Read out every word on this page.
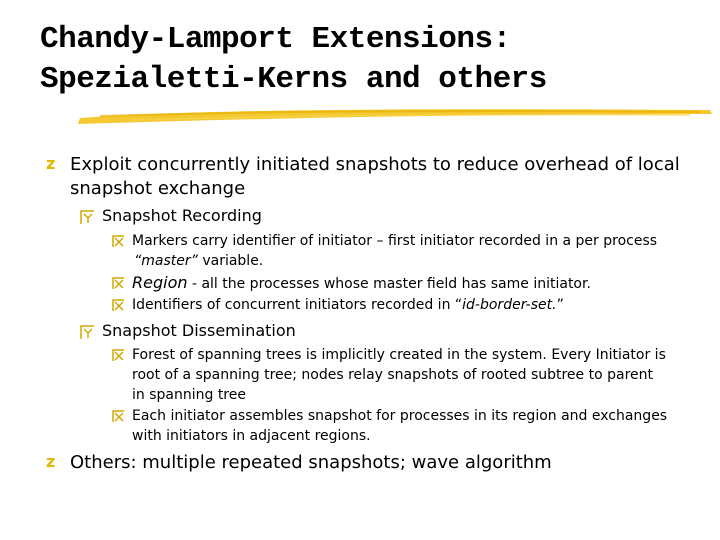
Chandy-Lamport Extensions:
Spezialetti-Kerns and others
z Exploit concurrently initiated snapshots to reduce overhead of local
snapshot exchange
Snapshot Recording
Markers carry identifier of initiator – first initiator recorded in a per process
“master” variable.
Region - all the processes whose master field has same initiator.
Identifiers of concurrent initiators recorded in “id-border-set.”
Snapshot Dissemination
Forest of spanning trees is implicitly created in the system. Every Initiator is
root of a spanning tree; nodes relay snapshots of rooted subtree to parent
in spanning tree
Each initiator assembles snapshot for processes in its region and exchanges
with initiators in adjacent regions.
z Others: multiple repeated snapshots; wave algorithm
